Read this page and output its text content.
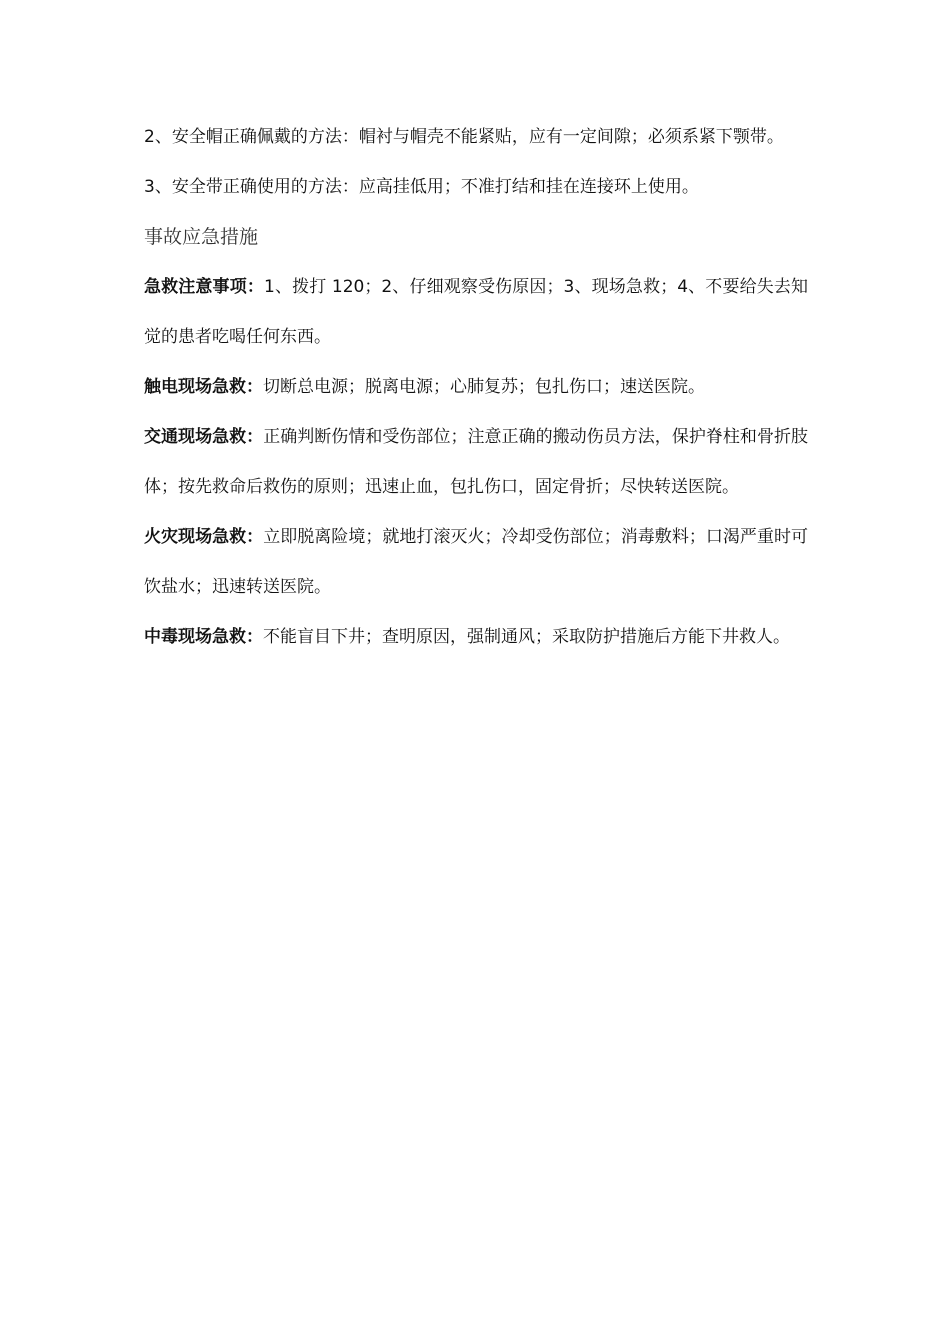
2、安全帽正确佩戴的方法：帽衬与帽壳不能紧贴，应有一定间隙；必须系紧下颚带。

3、安全带正确使用的方法：应高挂低用；不准打结和挂在连接环上使用。

事故应急措施

急救注意事项：1、拨打 120；2、仔细观察受伤原因；3、现场急救；4、不要给失去知觉的患者吃喝任何东西。

触电现场急救：切断总电源；脱离电源；心肺复苏；包扎伤口；速送医院。

交通现场急救：正确判断伤情和受伤部位；注意正确的搬动伤员方法，保护脊柱和骨折肢体；按先救命后救伤的原则；迅速止血，包扎伤口，固定骨折；尽快转送医院。

火灾现场急救：立即脱离险境；就地打滚灭火；冷却受伤部位；消毒敷料；口渴严重时可饮盐水；迅速转送医院。

中毒现场急救：不能盲目下井；查明原因，强制通风；采取防护措施后方能下井救人。
